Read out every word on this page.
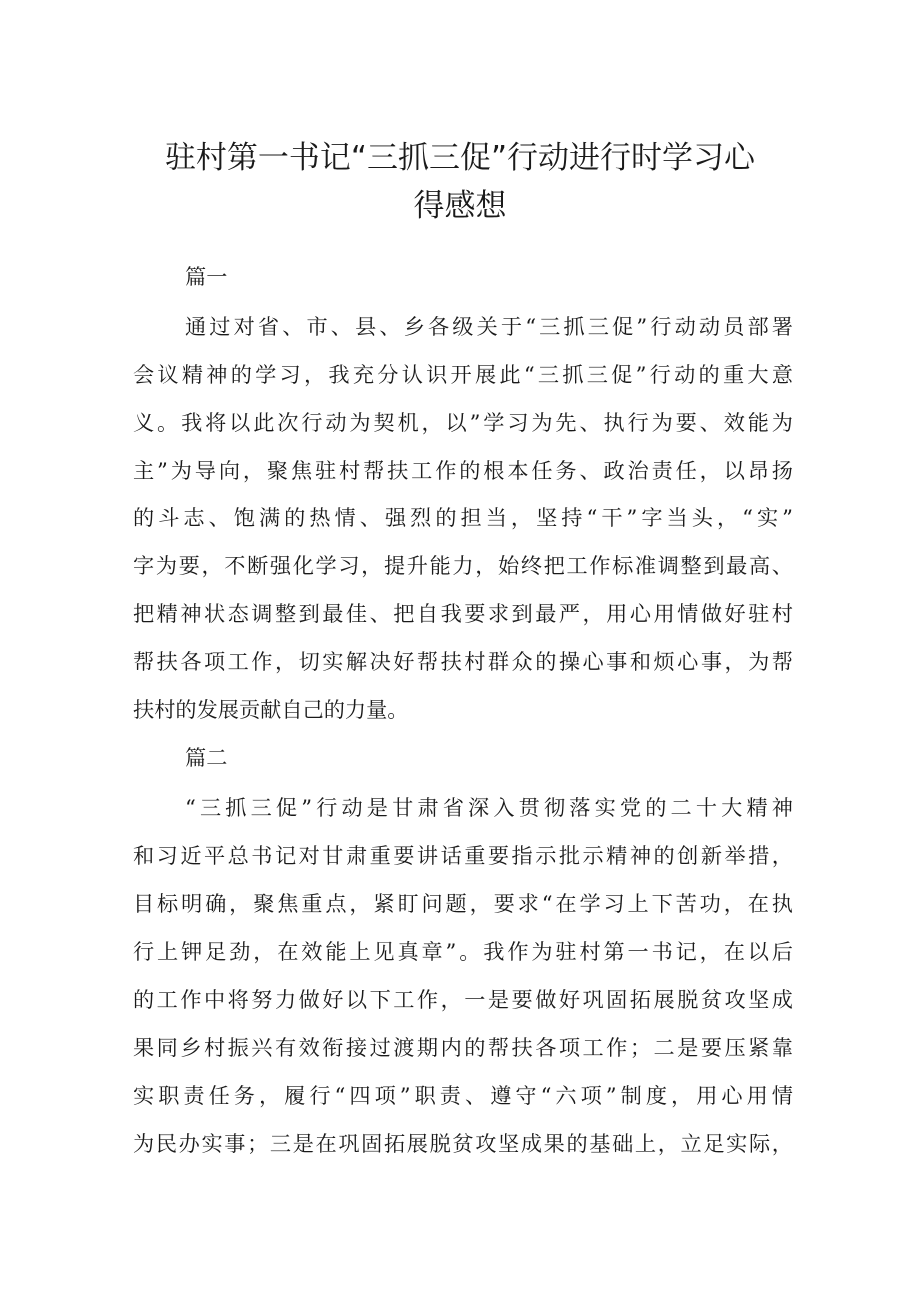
驻村第一书记“三抓三促”行动进行时学习心
得感想

篇一

通过对省、市、县、乡各级关于“三抓三促”行动动员部署

会议精神的学习，我充分认识开展此“三抓三促”行动的重大意

义。我将以此次行动为契机，以”学习为先、执行为要、效能为

主”为导向，聚焦驻村帮扶工作的根本任务、政治责任，以昂扬

的斗志、饱满的热情、强烈的担当，坚持“干”字当头，“实”

字为要，不断强化学习，提升能力，始终把工作标准调整到最高、

把精神状态调整到最佳、把自我要求到最严，用心用情做好驻村

帮扶各项工作，切实解决好帮扶村群众的操心事和烦心事，为帮

扶村的发展贡献自己的力量。

篇二

“三抓三促”行动是甘肃省深入贯彻落实党的二十大精神

和习近平总书记对甘肃重要讲话重要指示批示精神的创新举措，

目标明确，聚焦重点，紧盯问题，要求“在学习上下苦功，在执

行上钾足劲，在效能上见真章”。我作为驻村第一书记，在以后

的工作中将努力做好以下工作，一是要做好巩固拓展脱贫攻坚成

果同乡村振兴有效衔接过渡期内的帮扶各项工作；二是要压紧靠

实职责任务，履行“四项”职责、遵守“六项”制度，用心用情

为民办实事；三是在巩固拓展脱贫攻坚成果的基础上，立足实际，
